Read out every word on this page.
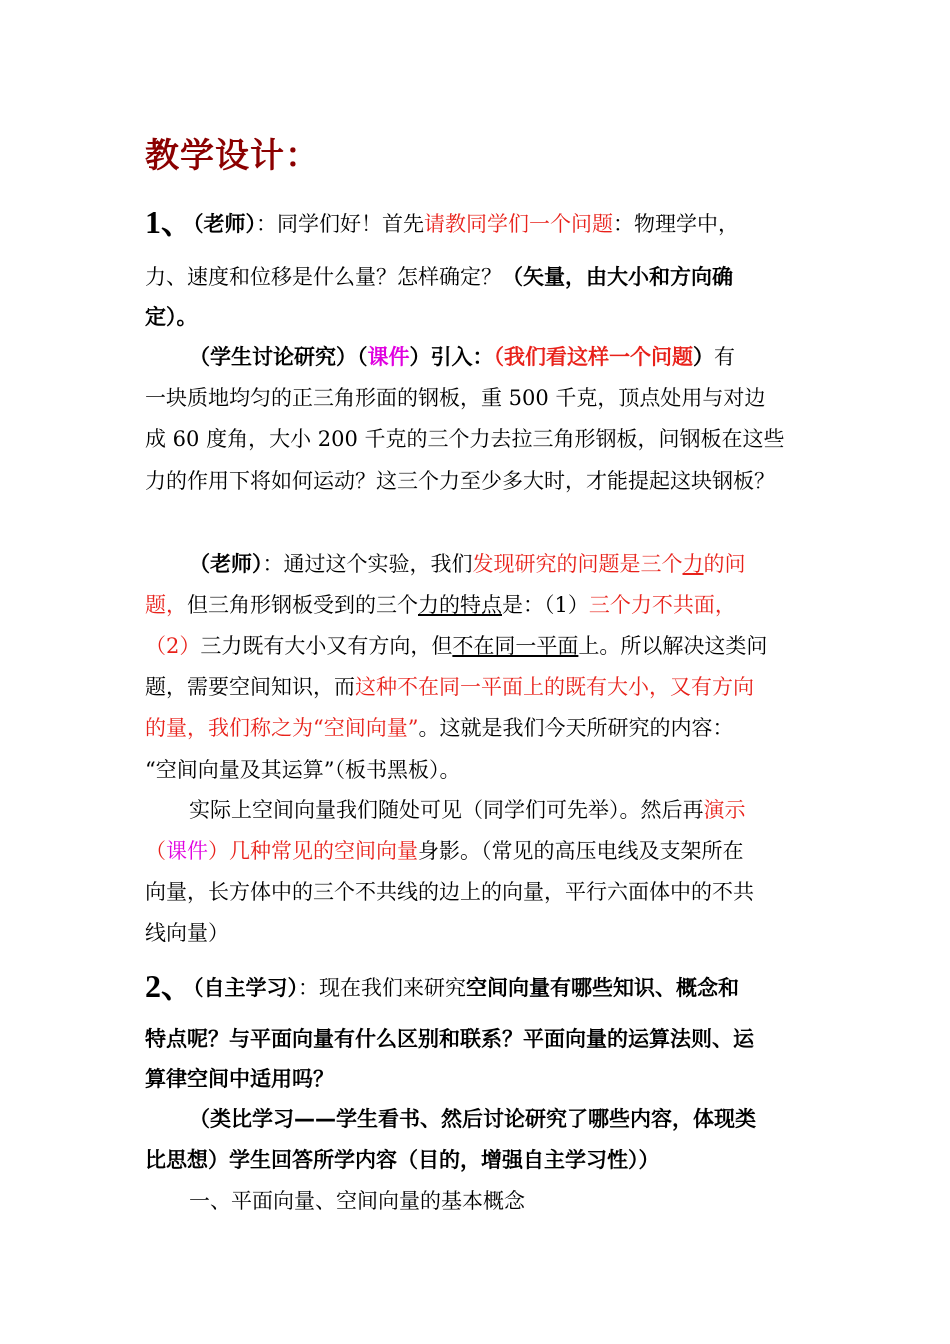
教学设计：
1、（老师）：同学们好！首先请教同学们一个问题：物理学中，
力、速度和位移是什么量？怎样确定？（矢量，由大小和方向确
定）。
（学生讨论研究）（课件）引入：（我们看这样一个问题）有
一块质地均匀的正三角形面的钢板，重 500 千克，顶点处用与对边
成 60 度角，大小 200 千克的三个力去拉三角形钢板，问钢板在这些
力的作用下将如何运动？这三个力至少多大时，才能提起这块钢板？
（老师）：通过这个实验，我们发现研究的问题是三个力的问
题，但三角形钢板受到的三个力的特点是：（1）三个力不共面，
（2）三力既有大小又有方向，但不在同一平面上。所以解决这类问
题，需要空间知识，而这种不在同一平面上的既有大小，又有方向
的量，我们称之为“空间向量”。这就是我们今天所研究的内容：
“空间向量及其运算”（板书黑板）。
实际上空间向量我们随处可见（同学们可先举）。然后再演示
（课件）几种常见的空间向量身影。（常见的高压电线及支架所在
向量，长方体中的三个不共线的边上的向量，平行六面体中的不共
线向量）
2、（自主学习）：现在我们来研究空间向量有哪些知识、概念和
特点呢？与平面向量有什么区别和联系？平面向量的运算法则、运
算律空间中适用吗？
（类比学习——学生看书、然后讨论研究了哪些内容，体现类
比思想）学生回答所学内容（目的，增强自主学习性））
一、平面向量、空间向量的基本概念
